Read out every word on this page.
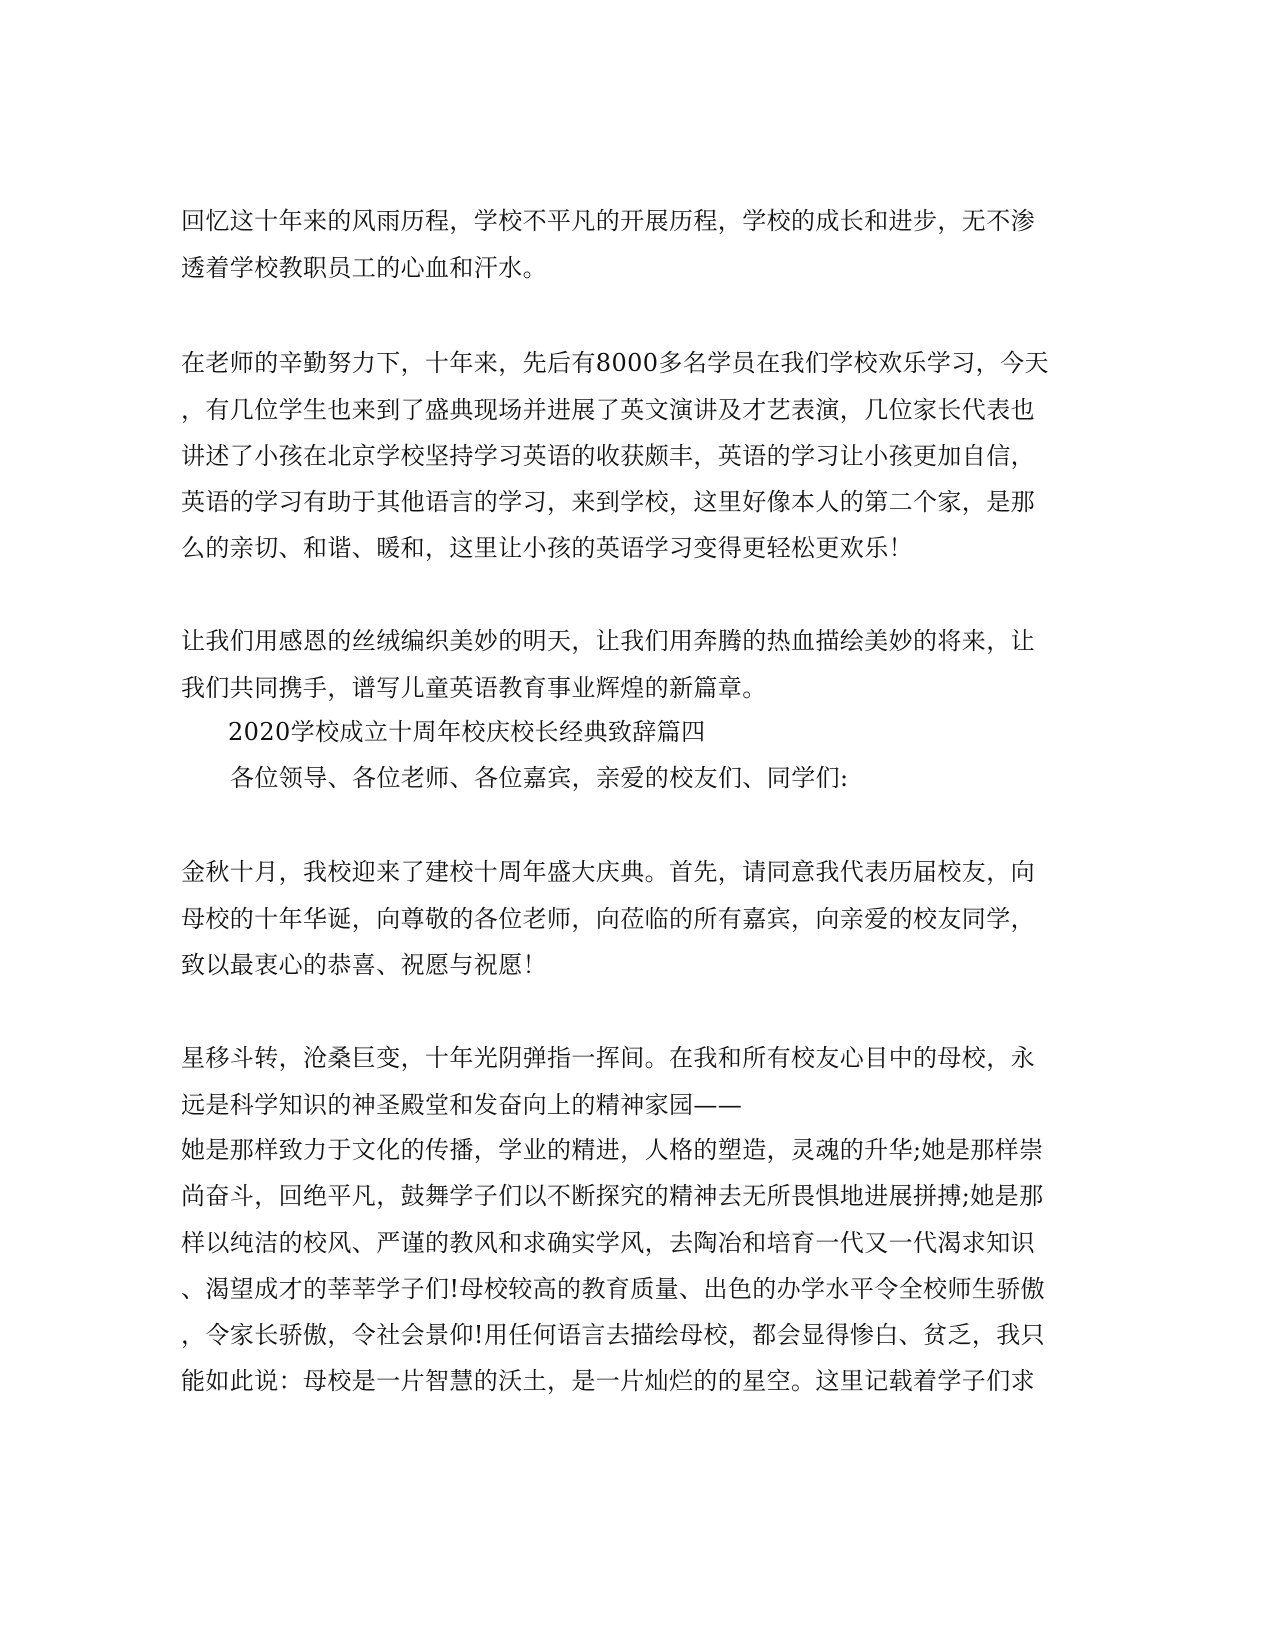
回忆这十年来的风雨历程，学校不平凡的开展历程，学校的成长和进步，无不渗
透着学校教职员工的心血和汗水。
在老师的辛勤努力下，十年来，先后有8000多名学员在我们学校欢乐学习，今天
，有几位学生也来到了盛典现场并进展了英文演讲及才艺表演，几位家长代表也
讲述了小孩在北京学校坚持学习英语的收获颇丰，英语的学习让小孩更加自信，
英语的学习有助于其他语言的学习，来到学校，这里好像本人的第二个家，是那
么的亲切、和谐、暖和，这里让小孩的英语学习变得更轻松更欢乐！
让我们用感恩的丝绒编织美妙的明天，让我们用奔腾的热血描绘美妙的将来，让
我们共同携手，谱写儿童英语教育事业辉煌的新篇章。
2020学校成立十周年校庆校长经典致辞篇四
各位领导、各位老师、各位嘉宾，亲爱的校友们、同学们:
金秋十月，我校迎来了建校十周年盛大庆典。首先，请同意我代表历届校友，向
母校的十年华诞，向尊敬的各位老师，向莅临的所有嘉宾，向亲爱的校友同学，
致以最衷心的恭喜、祝愿与祝愿！
星移斗转，沧桑巨变，十年光阴弹指一挥间。在我和所有校友心目中的母校，永
远是科学知识的神圣殿堂和发奋向上的精神家园——
她是那样致力于文化的传播，学业的精进，人格的塑造，灵魂的升华;她是那样崇
尚奋斗，回绝平凡，鼓舞学子们以不断探究的精神去无所畏惧地进展拼搏;她是那
样以纯洁的校风、严谨的教风和求确实学风，去陶冶和培育一代又一代渴求知识
、渴望成才的莘莘学子们!母校较高的教育质量、出色的办学水平令全校师生骄傲
，令家长骄傲，令社会景仰!用任何语言去描绘母校，都会显得惨白、贫乏，我只
能如此说：母校是一片智慧的沃土，是一片灿烂的的星空。这里记载着学子们求
